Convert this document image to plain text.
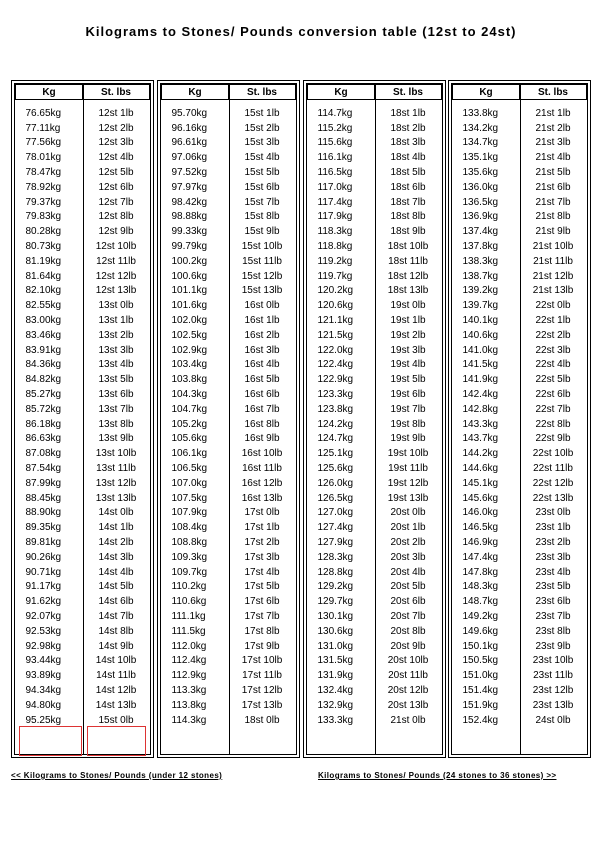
Kilograms to Stones/ Pounds conversion table (12st to 24st)
Kg	St. lbs

76.65kg	12st 1lb
77.11kg	12st 2lb
77.56kg	12st 3lb
78.01kg	12st 4lb
78.47kg	12st 5lb
78.92kg	12st 6lb
79.37kg	12st 7lb
79.83kg	12st 8lb
80.28kg	12st 9lb
80.73kg	12st 10lb
81.19kg	12st 11lb
81.64kg	12st 12lb
82.10kg	12st 13lb
82.55kg	13st 0lb
83.00kg	13st 1lb
83.46kg	13st 2lb
83.91kg	13st 3lb
84.36kg	13st 4lb
84.82kg	13st 5lb
85.27kg	13st 6lb
85.72kg	13st 7lb
86.18kg	13st 8lb
86.63kg	13st 9lb
87.08kg	13st 10lb
87.54kg	13st 11lb
87.99kg	13st 12lb
88.45kg	13st 13lb
88.90kg	14st 0lb
89.35kg	14st 1lb
89.81kg	14st 2lb
90.26kg	14st 3lb
90.71kg	14st 4lb
91.17kg	14st 5lb
91.62kg	14st 6lb
92.07kg	14st 7lb
92.53kg	14st 8lb
92.98kg	14st 9lb
93.44kg	14st 10lb
93.89kg	14st 11lb
94.34kg	14st 12lb
94.80kg	14st 13lb
95.25kg	15st 0lb
Kg	St. lbs

95.70kg	15st 1lb
96.16kg	15st 2lb
96.61kg	15st 3lb
97.06kg	15st 4lb
97.52kg	15st 5lb
97.97kg	15st 6lb
98.42kg	15st 7lb
98.88kg	15st 8lb
99.33kg	15st 9lb
99.79kg	15st 10lb
100.2kg	15st 11lb
100.6kg	15st 12lb
101.1kg	15st 13lb
101.6kg	16st 0lb
102.0kg	16st 1lb
102.5kg	16st 2lb
102.9kg	16st 3lb
103.4kg	16st 4lb
103.8kg	16st 5lb
104.3kg	16st 6lb
104.7kg	16st 7lb
105.2kg	16st 8lb
105.6kg	16st 9lb
106.1kg	16st 10lb
106.5kg	16st 11lb
107.0kg	16st 12lb
107.5kg	16st 13lb
107.9kg	17st 0lb
108.4kg	17st 1lb
108.8kg	17st 2lb
109.3kg	17st 3lb
109.7kg	17st 4lb
110.2kg	17st 5lb
110.6kg	17st 6lb
111.1kg	17st 7lb
111.5kg	17st 8lb
112.0kg	17st 9lb
112.4kg	17st 10lb
112.9kg	17st 11lb
113.3kg	17st 12lb
113.8kg	17st 13lb
114.3kg	18st 0lb
Kg	St. lbs

114.7kg	18st 1lb
115.2kg	18st 2lb
115.6kg	18st 3lb
116.1kg	18st 4lb
116.5kg	18st 5lb
117.0kg	18st 6lb
117.4kg	18st 7lb
117.9kg	18st 8lb
118.3kg	18st 9lb
118.8kg	18st 10lb
119.2kg	18st 11lb
119.7kg	18st 12lb
120.2kg	18st 13lb
120.6kg	19st 0lb
121.1kg	19st 1lb
121.5kg	19st 2lb
122.0kg	19st 3lb
122.4kg	19st 4lb
122.9kg	19st 5lb
123.3kg	19st 6lb
123.8kg	19st 7lb
124.2kg	19st 8lb
124.7kg	19st 9lb
125.1kg	19st 10lb
125.6kg	19st 11lb
126.0kg	19st 12lb
126.5kg	19st 13lb
127.0kg	20st 0lb
127.4kg	20st 1lb
127.9kg	20st 2lb
128.3kg	20st 3lb
128.8kg	20st 4lb
129.2kg	20st 5lb
129.7kg	20st 6lb
130.1kg	20st 7lb
130.6kg	20st 8lb
131.0kg	20st 9lb
131.5kg	20st 10lb
131.9kg	20st 11lb
132.4kg	20st 12lb
132.9kg	20st 13lb
133.3kg	21st 0lb
Kg	St. lbs

133.8kg	21st 1lb
134.2kg	21st 2lb
134.7kg	21st 3lb
135.1kg	21st 4lb
135.6kg	21st 5lb
136.0kg	21st 6lb
136.5kg	21st 7lb
136.9kg	21st 8lb
137.4kg	21st 9lb
137.8kg	21st 10lb
138.3kg	21st 11lb
138.7kg	21st 12lb
139.2kg	21st 13lb
139.7kg	22st 0lb
140.1kg	22st 1lb
140.6kg	22st 2lb
141.0kg	22st 3lb
141.5kg	22st 4lb
141.9kg	22st 5lb
142.4kg	22st 6lb
142.8kg	22st 7lb
143.3kg	22st 8lb
143.7kg	22st 9lb
144.2kg	22st 10lb
144.6kg	22st 11lb
145.1kg	22st 12lb
145.6kg	22st 13lb
146.0kg	23st 0lb
146.5kg	23st 1lb
146.9kg	23st 2lb
147.4kg	23st 3lb
147.8kg	23st 4lb
148.3kg	23st 5lb
148.7kg	23st 6lb
149.2kg	23st 7lb
149.6kg	23st 8lb
150.1kg	23st 9lb
150.5kg	23st 10lb
151.0kg	23st 11lb
151.4kg	23st 12lb
151.9kg	23st 13lb
152.4kg	24st 0lb
<< Kilograms to Stones/ Pounds (under 12 stones)	Kilograms to Stones/ Pounds (24 stones to 36 stones) >>
